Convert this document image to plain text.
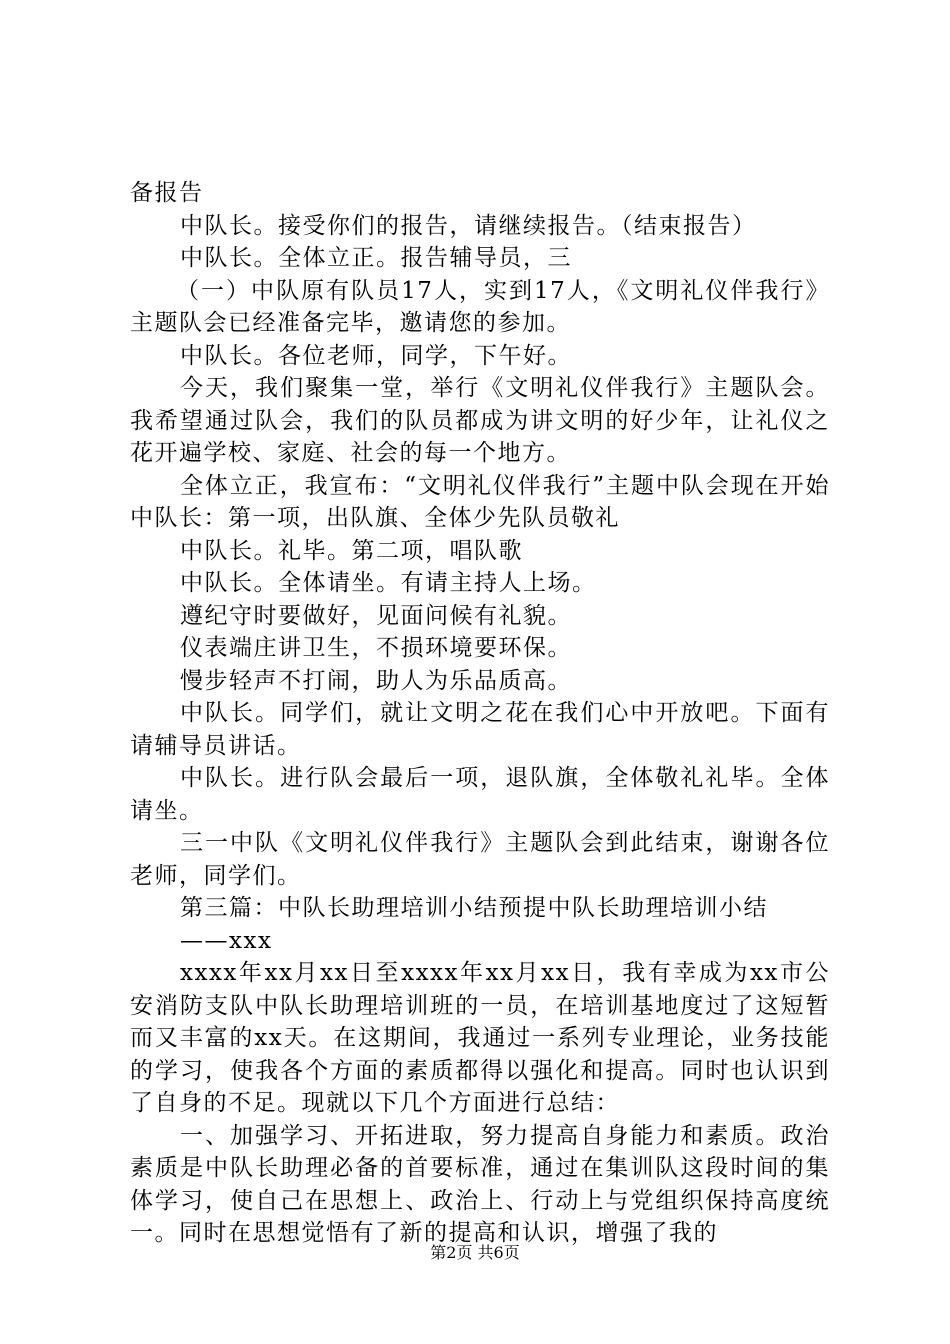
备报告

中队长。接受你们的报告，请继续报告。（结束报告）

中队长。全体立正。报告辅导员，三

（一）中队原有队员17人，实到17人，《文明礼仪伴我行》主题队会已经准备完毕，邀请您的参加。

中队长。各位老师，同学，下午好。

今天，我们聚集一堂，举行《文明礼仪伴我行》主题队会。我希望通过队会，我们的队员都成为讲文明的好少年，让礼仪之花开遍学校、家庭、社会的每一个地方。

全体立正，我宣布：“文明礼仪伴我行”主题中队会现在开始中队长：第一项，出队旗、全体少先队员敬礼

中队长。礼毕。第二项，唱队歌

中队长。全体请坐。有请主持人上场。

遵纪守时要做好，见面问候有礼貌。

仪表端庄讲卫生，不损环境要环保。

慢步轻声不打闹，助人为乐品质高。

中队长。同学们，就让文明之花在我们心中开放吧。下面有请辅导员讲话。

中队长。进行队会最后一项，退队旗，全体敬礼礼毕。全体请坐。

三一中队《文明礼仪伴我行》主题队会到此结束，谢谢各位老师，同学们。

第三篇：中队长助理培训小结预提中队长助理培训小结

——xxx

xxxx年xx月xx日至xxxx年xx月xx日，我有幸成为xx市公安消防支队中队长助理培训班的一员，在培训基地度过了这短暂而又丰富的xx天。在这期间，我通过一系列专业理论，业务技能的学习，使我各个方面的素质都得以强化和提高。同时也认识到了自身的不足。现就以下几个方面进行总结：

一、加强学习、开拓进取，努力提高自身能力和素质。政治素质是中队长助理必备的首要标准，通过在集训队这段时间的集体学习，使自己在思想上、政治上、行动上与党组织保持高度统一。同时在思想觉悟有了新的提高和认识，增强了我的

第2页 共6页
